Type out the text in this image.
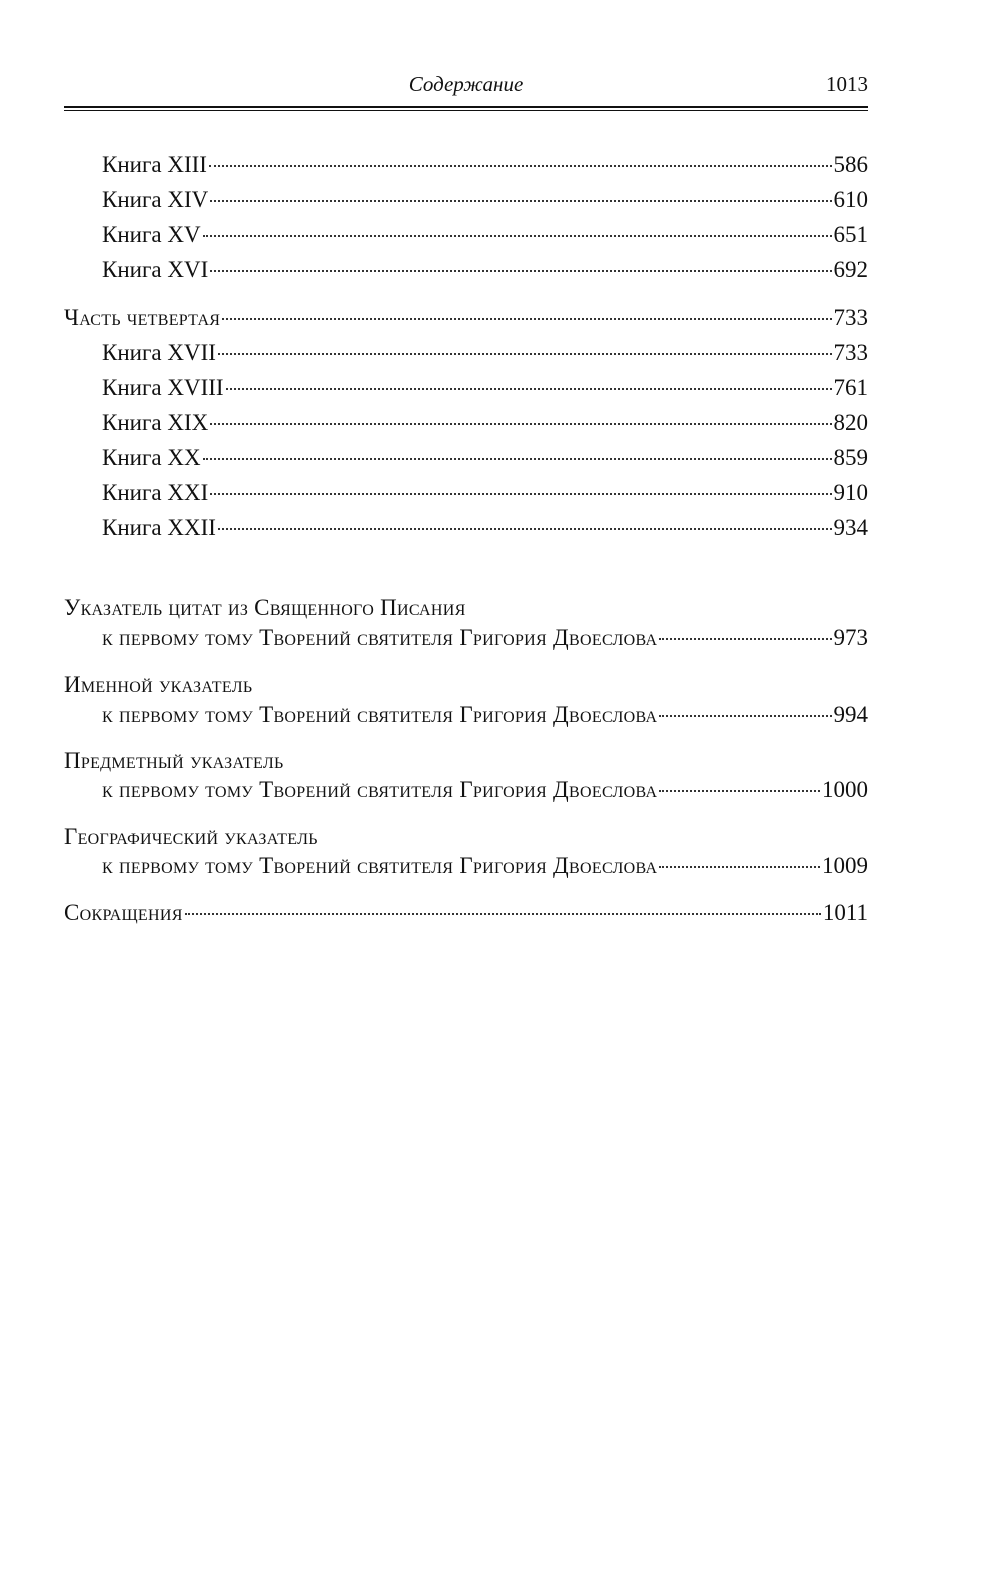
Содержание	1013
Книга XIII	586
Книга XIV	610
Книга XV	651
Книга XVI	692
Часть четвертая	733
Книга XVII	733
Книга XVIII	761
Книга XIX	820
Книга XX	859
Книга XXI	910
Книга XXII	934
Указатель цитат из Священного Писания
к первому тому Творений святителя Григория Двоеслова	973
Именной указатель
к первому тому Творений святителя Григория Двоеслова	994
Предметный указатель
к первому тому Творений святителя Григория Двоеслова	1000
Географический указатель
к первому тому Творений святителя Григория Двоеслова	1009
Сокращения	1011
